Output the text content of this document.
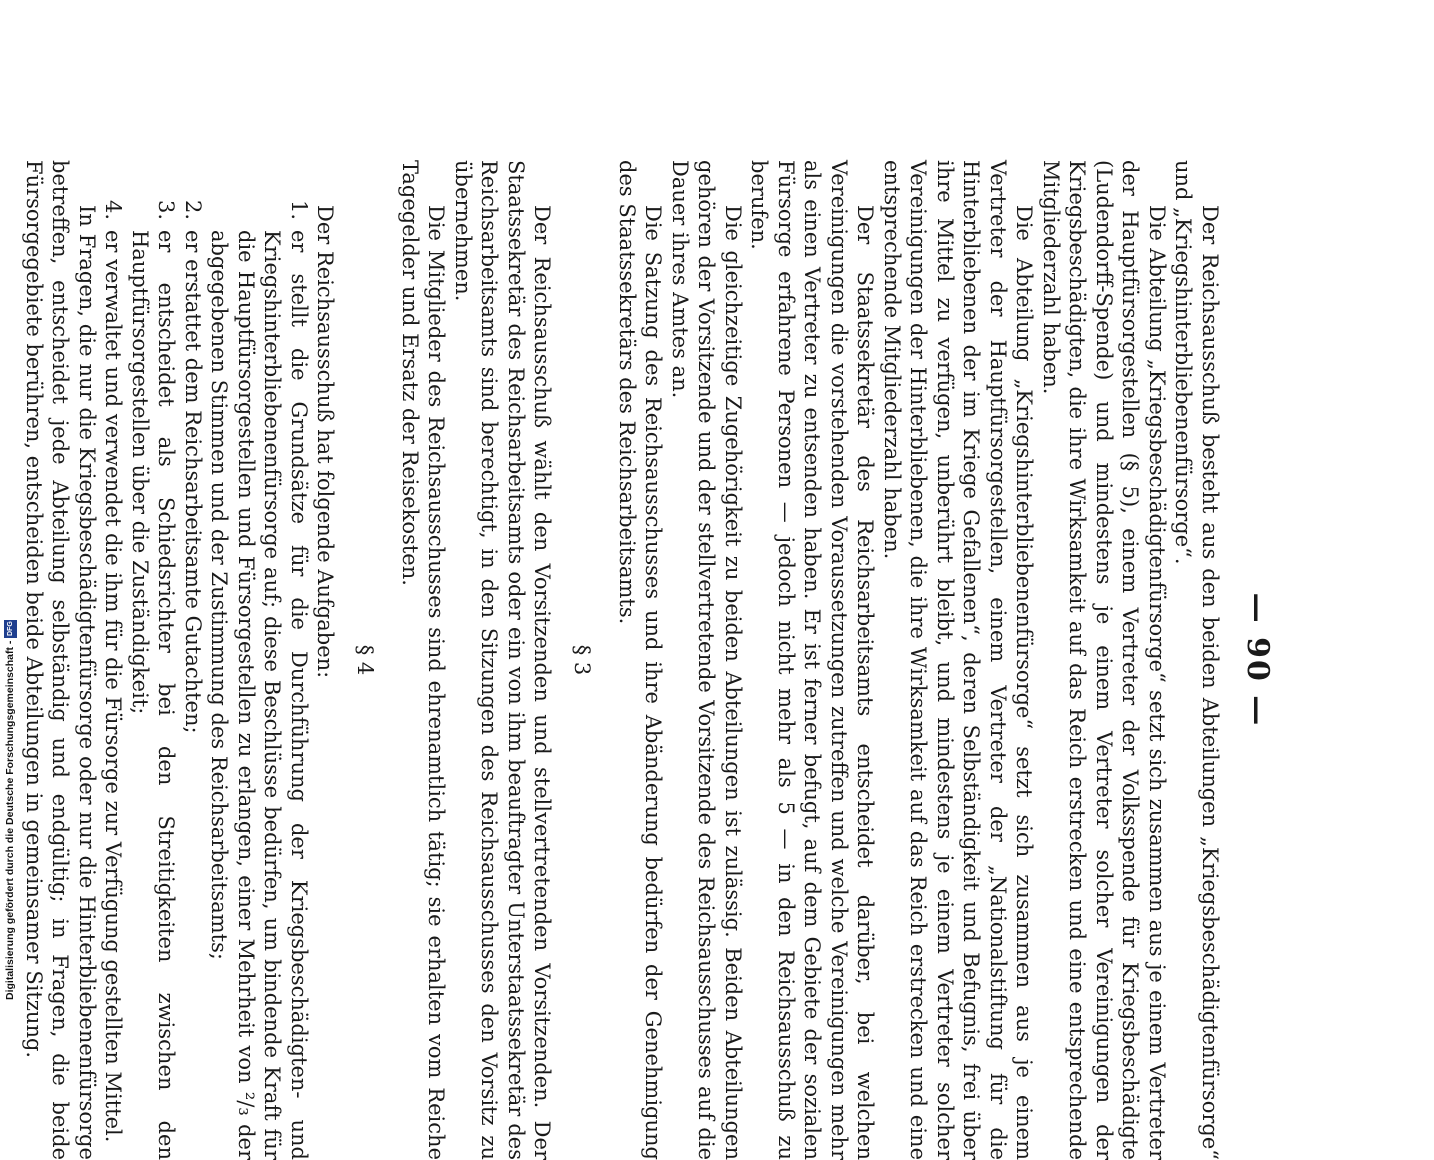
— 90 —

Der Reichsausschuß besteht aus den beiden Abteilungen „Kriegsbeschädigtenfürsorge“ und „Kriegshinterbliebenenfürsorge“.

Die Abteilung „Kriegsbeschädigtenfürsorge“ setzt sich zusammen aus je einem Vertreter der Hauptfürsorgestellen (§ 5), einem Vertreter der Volksspende für Kriegsbeschädigte (Ludendorff-Spende) und mindestens je einem Vertreter solcher Vereinigungen der Kriegsbeschädigten, die ihre Wirksamkeit auf das Reich erstrecken und eine entsprechende Mitgliederzahl haben.

Die Abteilung „Kriegshinterbliebenenfürsorge“ setzt sich zusammen aus je einem Vertreter der Hauptfürsorgestellen, einem Vertreter der „Nationalstiftung für die Hinterbliebenen der im Kriege Gefallenen“, deren Selbständigkeit und Befugnis, frei über ihre Mittel zu verfügen, unberührt bleibt, und mindestens je einem Vertreter solcher Vereinigungen der Hinterbliebenen, die ihre Wirksamkeit auf das Reich erstrecken und eine entsprechende Mitgliederzahl haben.

Der Staatssekretär des Reichsarbeitsamts entscheidet darüber, bei welchen Vereinigungen die vorstehenden Voraussetzungen zutreffen und welche Vereinigungen mehr als einen Vertreter zu entsenden haben. Er ist ferner befugt, auf dem Gebiete der sozialen Fürsorge erfahrene Personen — jedoch nicht mehr als 5 — in den Reichsausschuß zu berufen.

Die gleichzeitige Zugehörigkeit zu beiden Abteilungen ist zulässig. Beiden Abteilungen gehören der Vorsitzende und der stellvertretende Vorsitzende des Reichsausschusses auf die Dauer ihres Amtes an.

Die Satzung des Reichsausschusses und ihre Abänderung bedürfen der Genehmigung des Staatssekretärs des Reichsarbeitsamts.

§ 3

Der Reichsausschuß wählt den Vorsitzenden und stellvertretenden Vorsitzenden. Der Staatssekretär des Reichsarbeitsamts oder ein von ihm beauftragter Unterstaatssekretär des Reichsarbeitsamts sind berechtigt, in den Sitzungen des Reichsausschusses den Vorsitz zu übernehmen.

Die Mitglieder des Reichsausschusses sind ehrenamtlich tätig; sie erhalten vom Reiche Tagegelder und Ersatz der Reisekosten.

§ 4

Der Reichsausschuß hat folgende Aufgaben:

1.
er stellt die Grundsätze für die Durchführung der Kriegsbeschädigten- und Kriegshinterbliebenenfürsorge auf; diese Beschlüsse bedürfen, um bindende Kraft für die Hauptfürsorgestellen und Fürsorgestellen zu erlangen, einer Mehrheit von ²/₃ der abgegebenen Stimmen und der Zustimmung des Reichsarbeitsamts;
2.
er erstattet dem Reichsarbeitsamte Gutachten;
3.
er entscheidet als Schiedsrichter bei den Streitigkeiten zwischen den Hauptfürsorgestellen über die Zuständigkeit;
4.
er verwaltet und verwendet die ihm für die Fürsorge zur Verfügung gestellten Mittel.

In Fragen, die nur die Kriegsbeschädigtenfürsorge oder nur die Hinterbliebenenfürsorge betreffen, entscheidet jede Abteilung selbständig und endgültig; in Fragen, die beide Fürsorgegebiete berühren, entscheiden beide Abteilungen in gemeinsamer Sitzung.

Digitalisierung gefördert durch die Deutsche Forschungsgemeinschaft -
DFG
